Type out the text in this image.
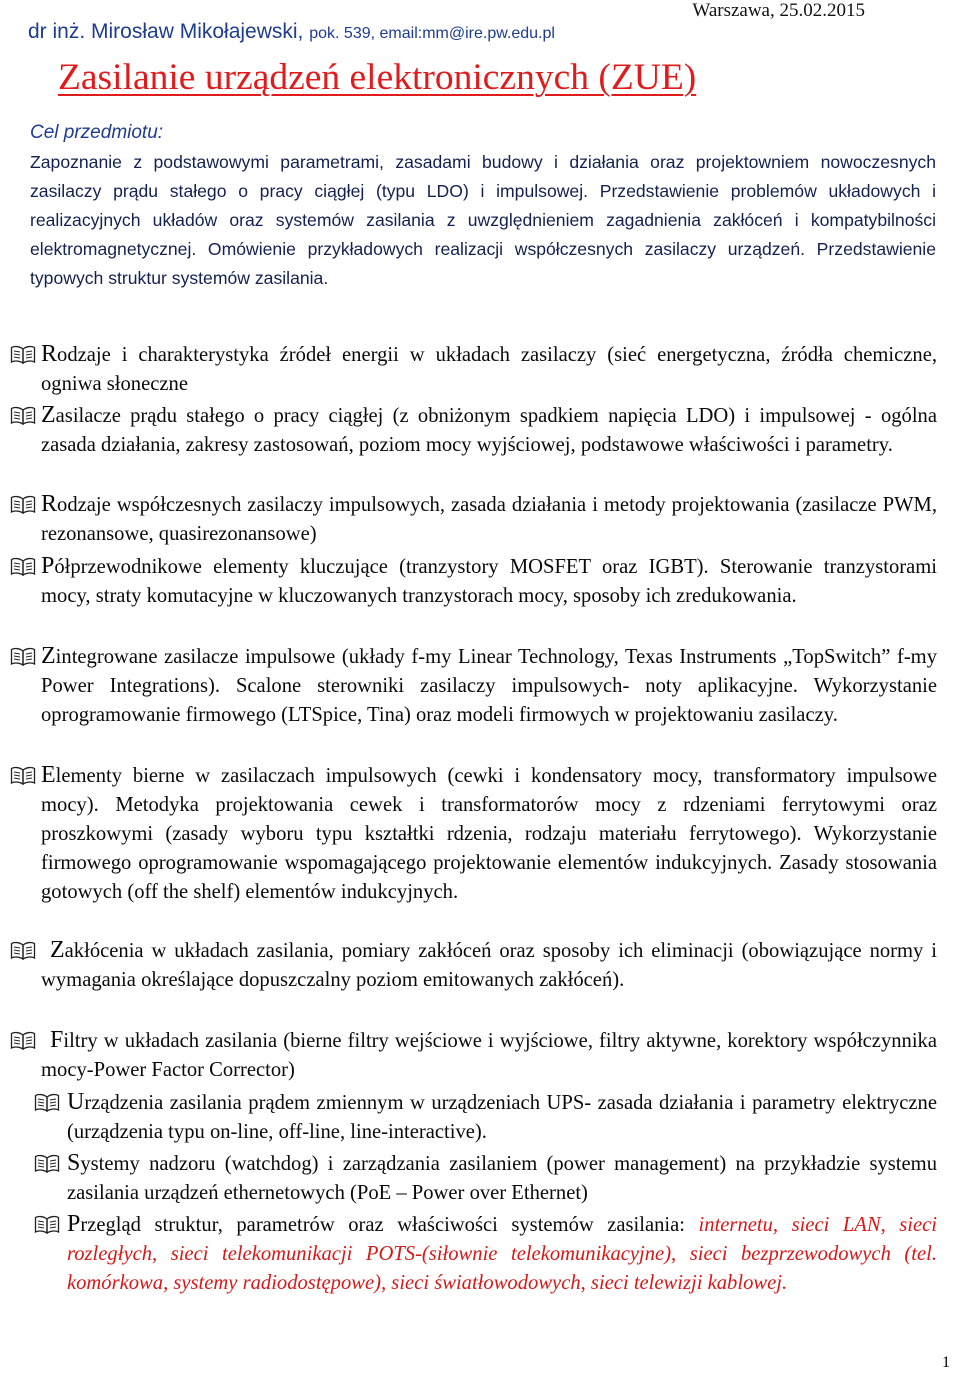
dr inż. Mirosław Mikołajewski, pok. 539, email:mm@ire.pw.edu.pl
Warszawa, 25.02.2015
Zasilanie urządzeń elektronicznych (ZUE)
Cel przedmiotu:
Zapoznanie z podstawowymi parametrami, zasadami budowy i działania oraz projektowniem nowoczesnych zasilaczy prądu stałego o pracy ciągłej (typu LDO) i impulsowej. Przedstawienie problemów układowych i realizacyjnych układów oraz systemów zasilania z uwzględnieniem zagadnienia zakłóceń i kompatybilności elektromagnetycznej. Omówienie przykładowych realizacji współczesnych zasilaczy urządzeń. Przedstawienie typowych struktur systemów zasilania.
Rodzaje i charakterystyka źródeł energii w układach zasilaczy (sieć energetyczna, źródła chemiczne, ogniwa słoneczne
Zasilacze prądu stałego o pracy ciągłej (z obniżonym spadkiem napięcia LDO) i impulsowej - ogólna zasada działania, zakresy zastosowań, poziom mocy wyjściowej, podstawowe właściwości i parametry.
Rodzaje współczesnych zasilaczy impulsowych, zasada działania i metody projektowania (zasilacze PWM, rezonansowe, quasirezonansowe)
Półprzewodnikowe elementy kluczujące (tranzystory MOSFET oraz IGBT). Sterowanie tranzystorami mocy, straty komutacyjne w kluczowanych tranzystorach mocy, sposoby ich zredukowania.
Zintegrowane zasilacze impulsowe (układy f-my Linear Technology, Texas Instruments „TopSwitch” f-my Power Integrations). Scalone sterowniki zasilaczy impulsowych- noty aplikacyjne. Wykorzystanie oprogramowanie firmowego (LTSpice, Tina) oraz modeli firmowych w projektowaniu zasilaczy.
Elementy bierne w zasilaczach impulsowych (cewki i kondensatory mocy, transformatory impulsowe mocy). Metodyka projektowania cewek i transformatorów mocy z rdzeniami ferrytowymi oraz proszkowymi (zasady wyboru typu kształtki rdzenia, rodzaju materiału ferrytowego). Wykorzystanie firmowego oprogramowanie wspomagającego projektowanie elementów indukcyjnych. Zasady stosowania gotowych (off the shelf) elementów indukcyjnych.
Zakłócenia w układach zasilania, pomiary zakłóceń oraz sposoby ich eliminacji (obowiązujące normy i wymagania określające dopuszczalny poziom emitowanych zakłóceń).
Filtry w układach zasilania (bierne filtry wejściowe i wyjściowe, filtry aktywne, korektory współczynnika mocy-Power Factor Corrector)
Urządzenia zasilania prądem zmiennym w urządzeniach UPS- zasada działania i parametry elektryczne (urządzenia typu on-line, off-line, line-interactive).
Systemy nadzoru (watchdog) i zarządzania zasilaniem (power management) na przykładzie systemu zasilania urządzeń ethernetowych (PoE – Power over Ethernet)
Przegląd struktur, parametrów oraz właściwości systemów zasilania: internetu, sieci LAN, sieci rozległych, sieci telekomunikacji POTS-(siłownie telekomunikacyjne), sieci bezprzewodowych (tel. komórkowa, systemy radiodostępowe), sieci światłowodowych, sieci telewizji kablowej.
1
